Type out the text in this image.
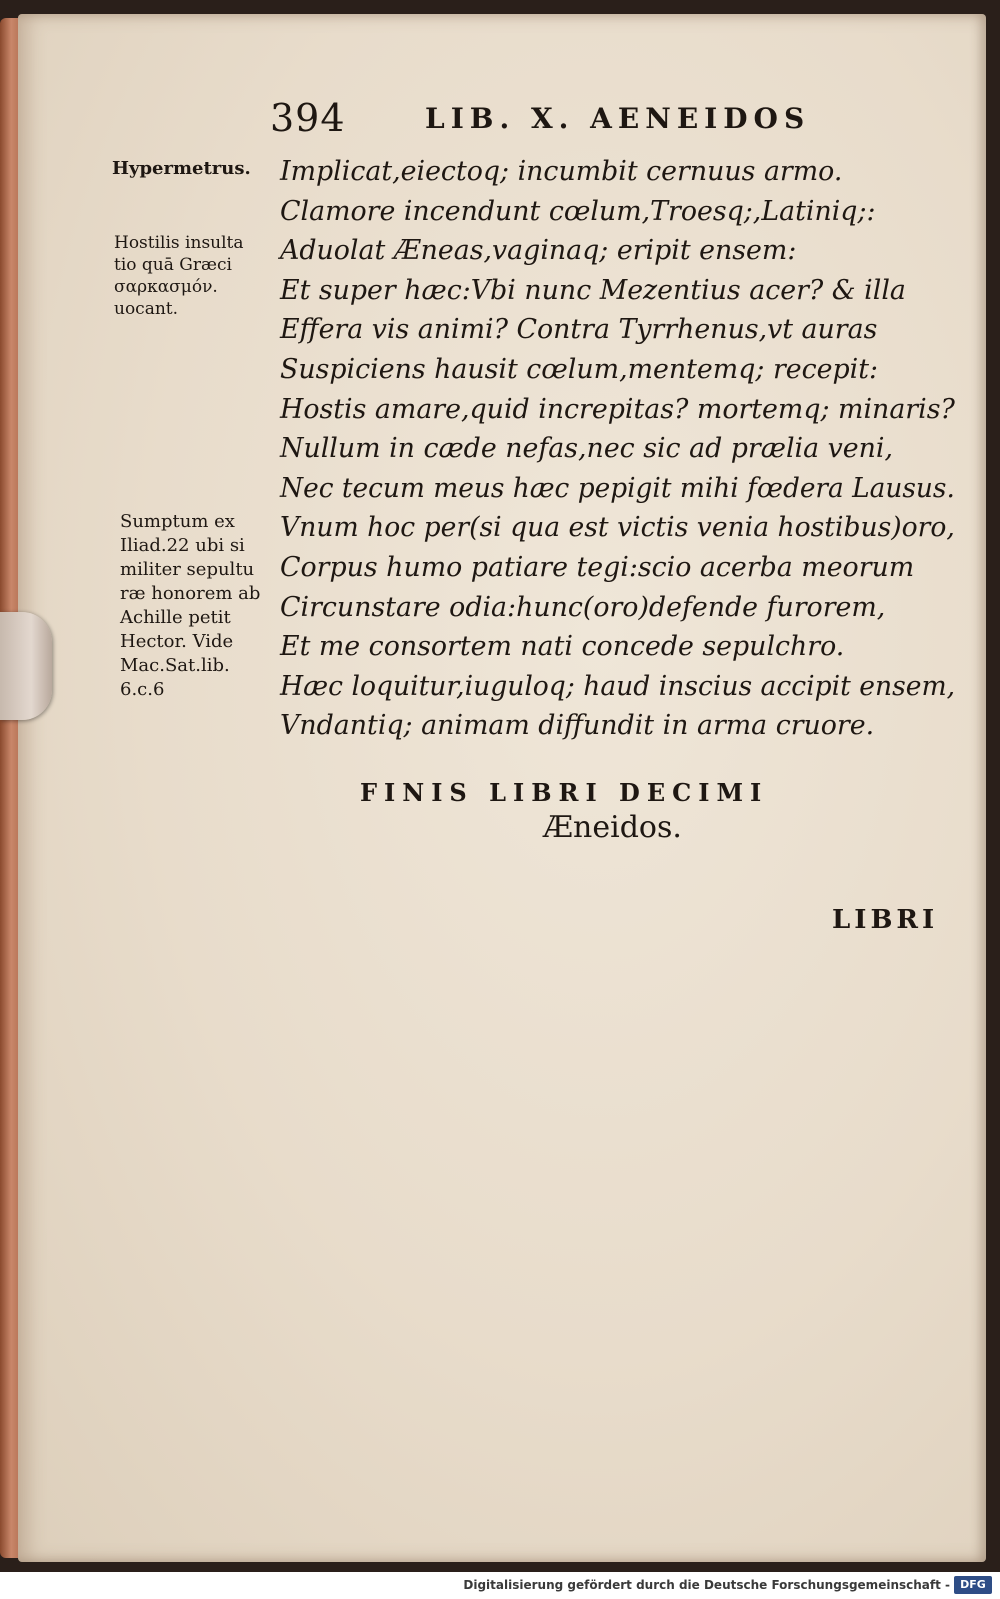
394	LIB. X. AENEIDOS
Hypermetrus.
Hostilis insulta
tio quā Græci
σαρκασμόν.
uocant.
Sumptum ex
Iliad.22 ubi si
militer sepultu
ræ honorem ab
Achille petit
Hector. Vide
Mac.Sat.lib.
6.c.6
Implicat,eiectoq; incumbit cernuus armo.
Clamore incendunt cœlum,Troesq;,Latiniq;:
Aduolat Æneas,vaginaq; eripit ensem:
Et super hæc:Vbi nunc Mezentius acer? & illa
Effera vis animi? Contra Tyrrhenus,vt auras
Suspiciens hausit cœlum,mentemq; recepit:
Hostis amare,quid increpitas? mortemq; minaris?
Nullum in cæde nefas,nec sic ad prælia veni,
Nec tecum meus hæc pepigit mihi fœdera Lausus.
Vnum hoc per(si qua est victis venia hostibus)oro,
Corpus humo patiare tegi:scio acerba meorum
Circunstare odia:hunc(oro)defende furorem,
Et me consortem nati concede sepulchro.
Hæc loquitur,iuguloq; haud inscius accipit ensem,
Vndantiq; animam diffundit in arma cruore.
FINIS LIBRI DECIMI
Æneidos.
LIBRI
Digitalisierung gefördert durch die Deutsche Forschungsgemeinschaft - DFG
